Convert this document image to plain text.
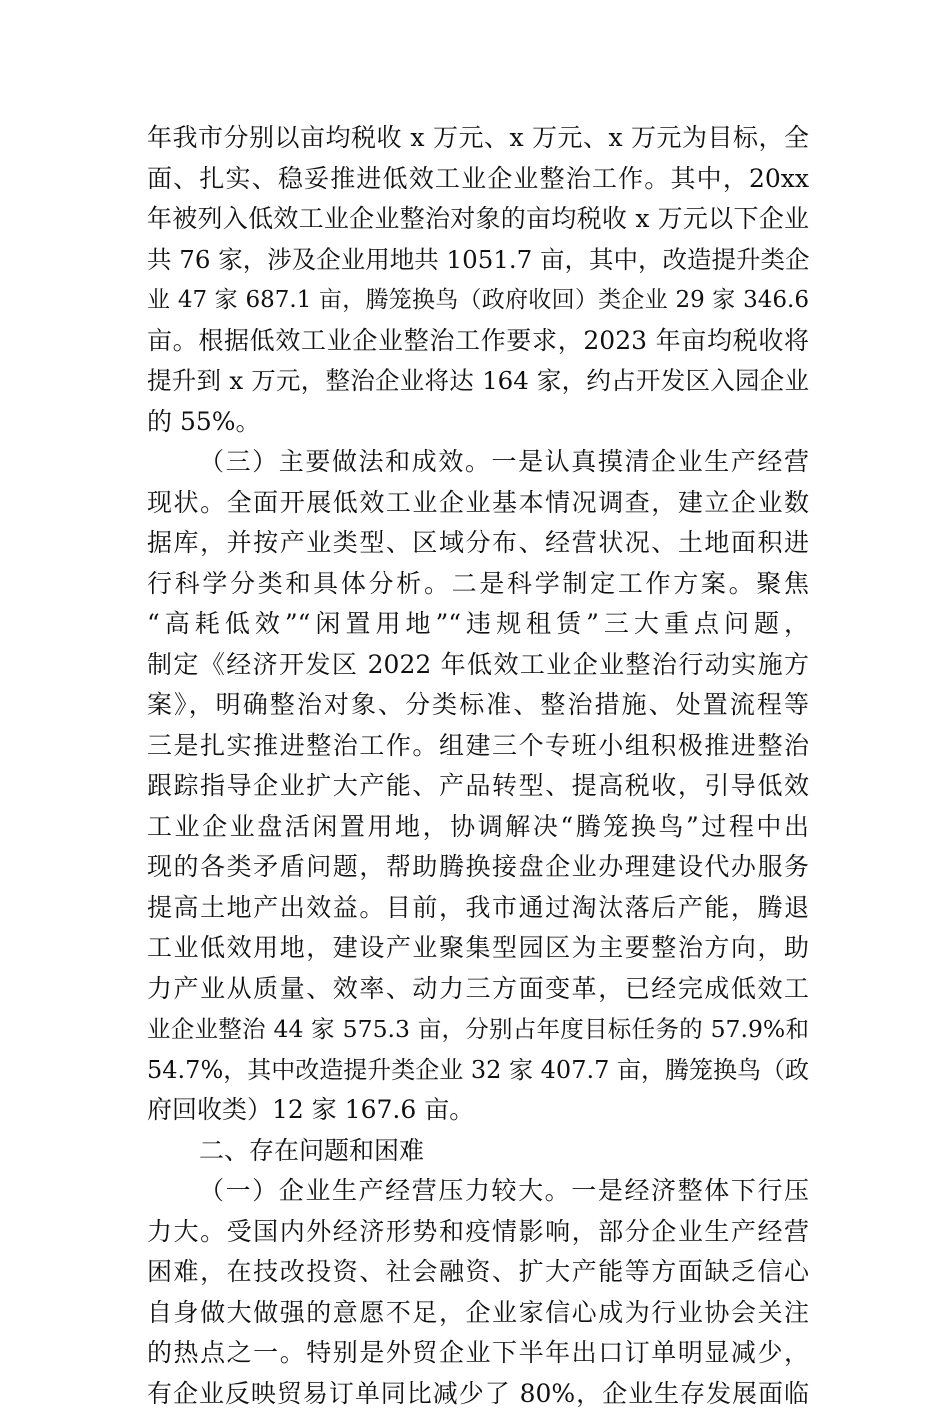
年我市分别以亩均税收 x 万元、x 万元、x 万元为目标，全
面、扎实、稳妥推进低效工业企业整治工作。其中，20xx
年被列入低效工业企业整治对象的亩均税收 x 万元以下企业
共 76 家，涉及企业用地共 1051.7 亩，其中，改造提升类企
业 47 家 687.1 亩，腾笼换鸟（政府收回）类企业 29 家 346.6
亩。根据低效工业企业整治工作要求，2023 年亩均税收将
提升到 x 万元，整治企业将达 164 家，约占开发区入园企业
的 55%。
（三）主要做法和成效。一是认真摸清企业生产经营
现状。全面开展低效工业企业基本情况调查，建立企业数
据库，并按产业类型、区域分布、经营状况、土地面积进
行科学分类和具体分析。二是科学制定工作方案。聚焦
“高耗低效”“闲置用地”“违规租赁”三大重点问题，
制定《经济开发区 2022 年低效工业企业整治行动实施方
案》，明确整治对象、分类标准、整治措施、处置流程等
三是扎实推进整治工作。组建三个专班小组积极推进整治
跟踪指导企业扩大产能、产品转型、提高税收，引导低效
工业企业盘活闲置用地，协调解决“腾笼换鸟”过程中出
现的各类矛盾问题，帮助腾换接盘企业办理建设代办服务
提高土地产出效益。目前，我市通过淘汰落后产能，腾退
工业低效用地，建设产业聚集型园区为主要整治方向，助
力产业从质量、效率、动力三方面变革，已经完成低效工
业企业整治 44 家 575.3 亩，分别占年度目标任务的 57.9%和
54.7%，其中改造提升类企业 32 家 407.7 亩，腾笼换鸟（政
府回收类）12 家 167.6 亩。
二、存在问题和困难
（一）企业生产经营压力较大。一是经济整体下行压
力大。受国内外经济形势和疫情影响，部分企业生产经营
困难，在技改投资、社会融资、扩大产能等方面缺乏信心
自身做大做强的意愿不足，企业家信心成为行业协会关注
的热点之一。特别是外贸企业下半年出口订单明显减少，
有企业反映贸易订单同比减少了 80%，企业生存发展面临
